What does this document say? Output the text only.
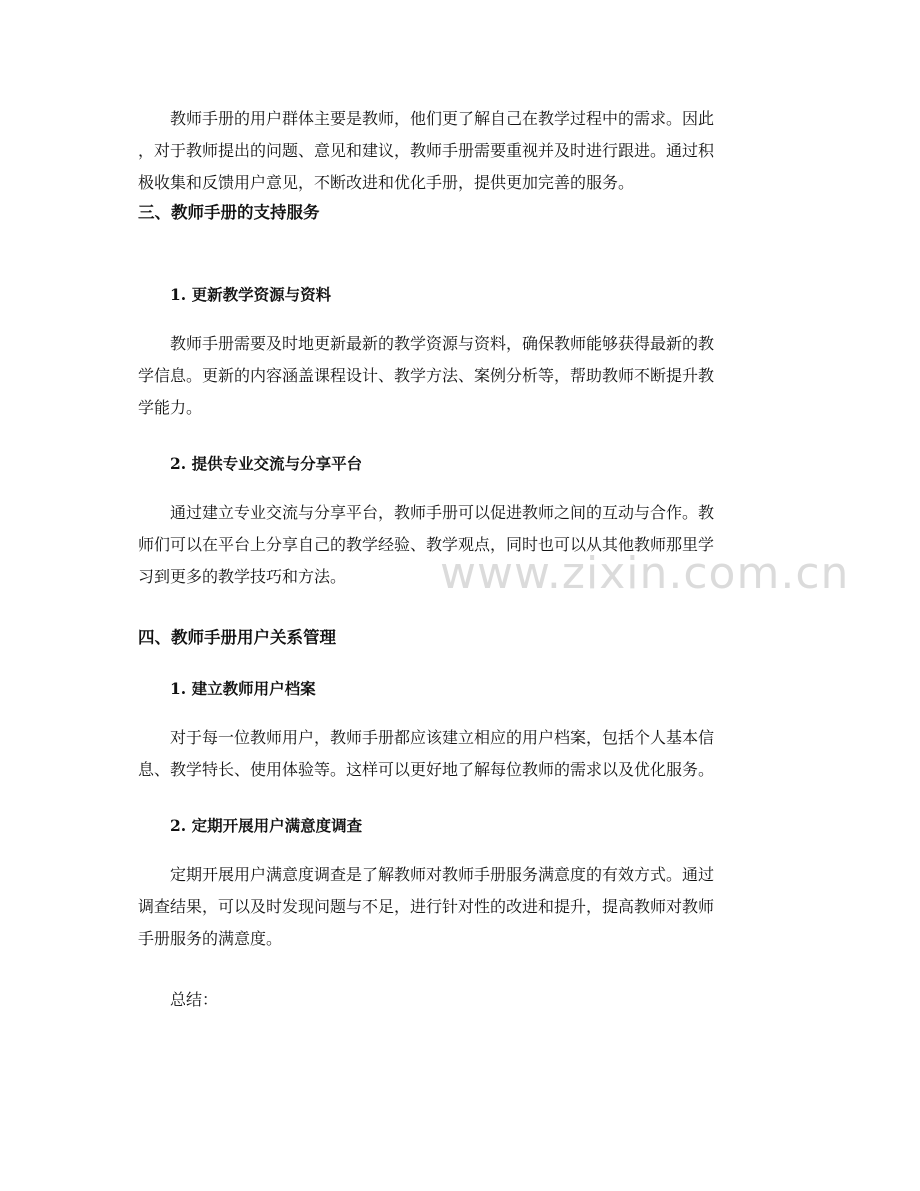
教师手册的用户群体主要是教师，他们更了解自己在教学过程中的需求。因此
，对于教师提出的问题、意见和建议，教师手册需要重视并及时进行跟进。通过积
极收集和反馈用户意见，不断改进和优化手册，提供更加完善的服务。
三、教师手册的支持服务
1. 更新教学资源与资料
教师手册需要及时地更新最新的教学资源与资料，确保教师能够获得最新的教
学信息。更新的内容涵盖课程设计、教学方法、案例分析等，帮助教师不断提升教
学能力。
2. 提供专业交流与分享平台
通过建立专业交流与分享平台，教师手册可以促进教师之间的互动与合作。教
师们可以在平台上分享自己的教学经验、教学观点，同时也可以从其他教师那里学
习到更多的教学技巧和方法。
四、教师手册用户关系管理
1. 建立教师用户档案
对于每一位教师用户，教师手册都应该建立相应的用户档案，包括个人基本信
息、教学特长、使用体验等。这样可以更好地了解每位教师的需求以及优化服务。
2. 定期开展用户满意度调查
定期开展用户满意度调查是了解教师对教师手册服务满意度的有效方式。通过
调查结果，可以及时发现问题与不足，进行针对性的改进和提升，提高教师对教师
手册服务的满意度。
总结：
www.zixin.com.cn
